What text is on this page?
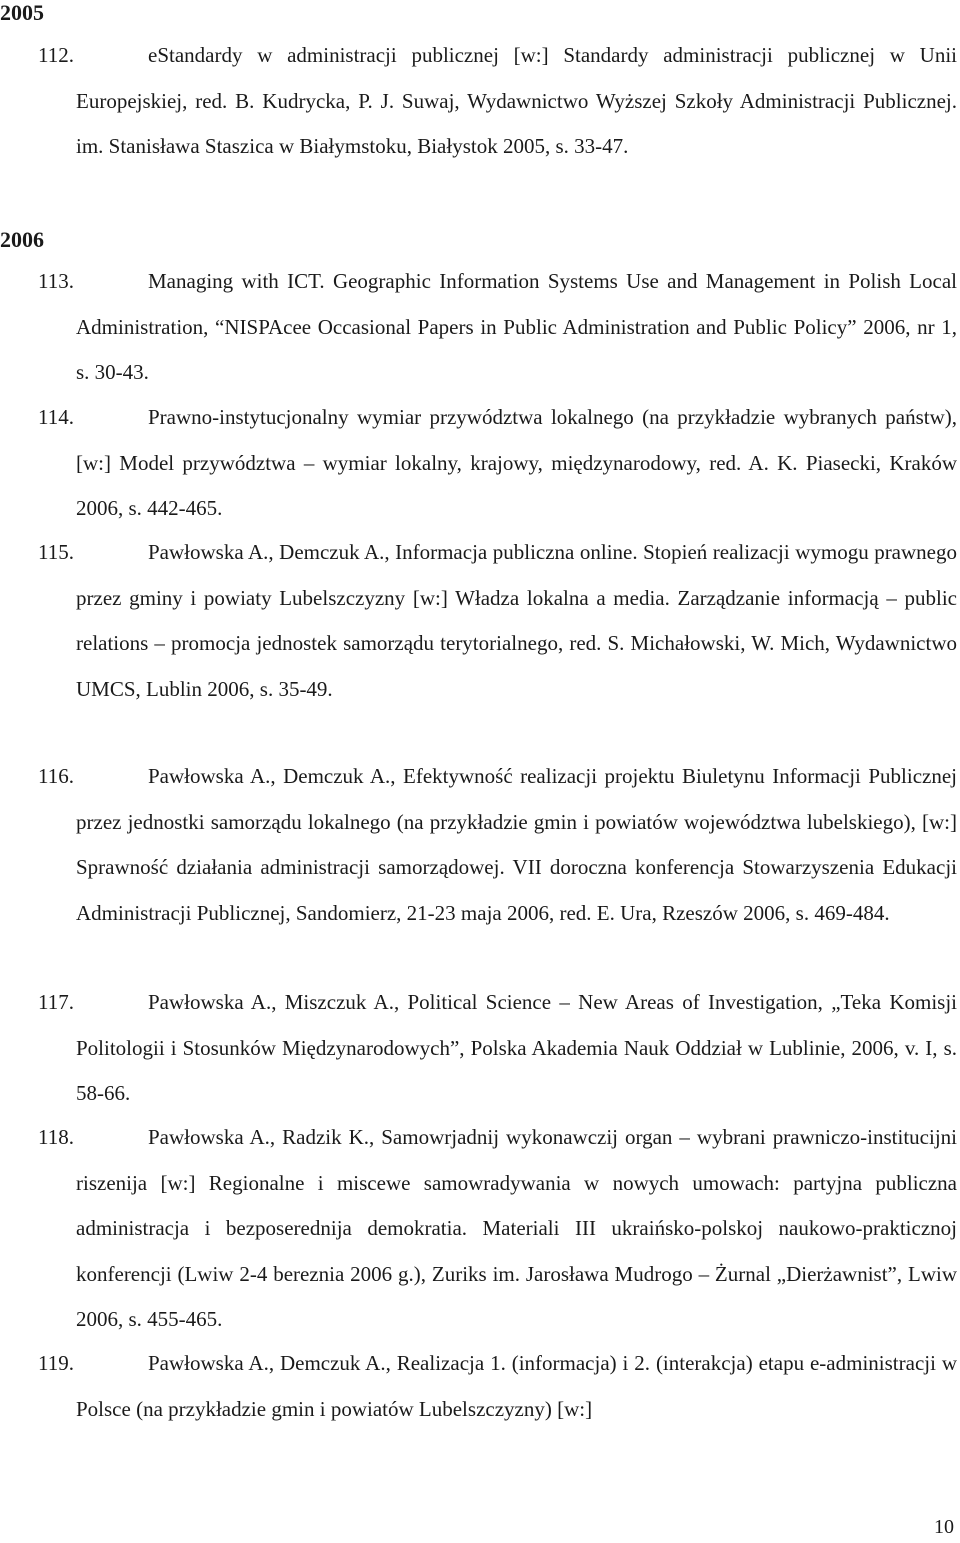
2005
112.	eStandardy w administracji publicznej [w:] Standardy administracji publicznej w Unii Europejskiej, red. B. Kudrycka, P. J. Suwaj, Wydawnictwo Wyższej Szkoły Administracji Publicznej. im. Stanisława Staszica w Białymstoku, Białystok 2005, s. 33-47.
2006
113.	Managing with ICT. Geographic Information Systems Use and Management in Polish Local Administration, “NISPAcee Occasional Papers in Public Administration and Public Policy” 2006, nr 1, s. 30-43.
114.	Prawno-instytucjonalny wymiar przywództwa lokalnego (na przykładzie wybranych państw), [w:] Model przywództwa – wymiar lokalny, krajowy, międzynarodowy, red. A. K. Piasecki, Kraków 2006, s. 442-465.
115.	Pawłowska A., Demczuk A., Informacja publiczna online. Stopień realizacji wymogu prawnego przez gminy i powiaty Lubelszczyzny [w:] Władza lokalna a media. Zarządzanie informacją – public relations – promocja jednostek samorządu terytorialnego, red. S. Michałowski, W. Mich, Wydawnictwo UMCS, Lublin 2006, s. 35-49.
116.	Pawłowska A., Demczuk A., Efektywność realizacji projektu Biuletynu Informacji Publicznej przez jednostki samorządu lokalnego (na przykładzie gmin i powiatów województwa lubelskiego), [w:] Sprawność działania administracji samorządowej. VII doroczna konferencja Stowarzyszenia Edukacji Administracji Publicznej, Sandomierz, 21-23 maja 2006, red. E. Ura, Rzeszów 2006, s. 469-484.
117.	Pawłowska A., Miszczuk A., Political Science – New Areas of Investigation, „Teka Komisji Politologii i Stosunków Międzynarodowych”, Polska Akademia Nauk Oddział w Lublinie, 2006, v. I, s. 58-66.
118.	Pawłowska A., Radzik K., Samowrjadnij wykonawczij organ – wybrani prawniczo-institucijni riszenija [w:] Regionalne i miscewe samowradywania w nowych umowach: partyjna publiczna administracja i bezposerednija demokratia. Materiali III ukraińsko-polskoj naukowo-prakticznoj konferencji (Lwiw 2-4 bereznia 2006 g.), Zuriks im. Jarosława Mudrogo – Żurnal „Dierżawnist”, Lwiw 2006, s. 455-465.
119.	Pawłowska A., Demczuk A., Realizacja 1. (informacja) i 2. (interakcja) etapu e-administracji w Polsce (na przykładzie gmin i powiatów Lubelszczyzny) [w:]
10
